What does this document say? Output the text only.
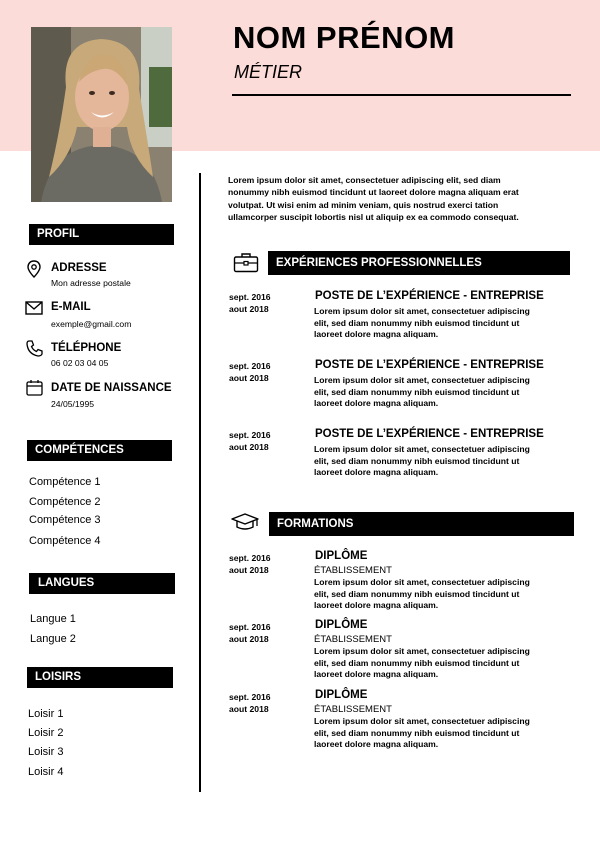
NOM PRÉNOM
MÉTIER
Lorem ipsum dolor sit amet, consectetuer adipiscing elit, sed diam nonummy nibh euismod tincidunt ut laoreet dolore magna aliquam erat volutpat. Ut wisi enim ad minim veniam, quis nostrud exerci tation ullamcorper suscipit lobortis nisl ut aliquip ex ea commodo consequat.
PROFIL
ADRESSE
Mon adresse postale
E-MAIL
exemple@gmail.com
TÉLÉPHONE
06 02 03 04 05
DATE DE NAISSANCE
24/05/1995
COMPÉTENCES
Compétence 1
Compétence 2
Compétence 3
Compétence 4
LANGUES
Langue 1
Langue 2
LOISIRS
Loisir 1
Loisir 2
Loisir 3
Loisir 4
EXPÉRIENCES PROFESSIONNELLES
sept. 2016
aout 2018
POSTE DE L’EXPÉRIENCE - ENTREPRISE
Lorem ipsum dolor sit amet, consectetuer adipiscing elit, sed diam nonummy nibh euismod tincidunt ut laoreet dolore magna aliquam.
sept. 2016
aout 2018
POSTE DE L’EXPÉRIENCE - ENTREPRISE
Lorem ipsum dolor sit amet, consectetuer adipiscing elit, sed diam nonummy nibh euismod tincidunt ut laoreet dolore magna aliquam.
sept. 2016
aout 2018
POSTE DE L’EXPÉRIENCE - ENTREPRISE
Lorem ipsum dolor sit amet, consectetuer adipiscing elit, sed diam nonummy nibh euismod tincidunt ut laoreet dolore magna aliquam.
FORMATIONS
sept. 2016
aout 2018
DIPLÔME
ÉTABLISSEMENT
Lorem ipsum dolor sit amet, consectetuer adipiscing elit, sed diam nonummy nibh euismod tincidunt ut laoreet dolore magna aliquam.
sept. 2016
aout 2018
DIPLÔME
ÉTABLISSEMENT
Lorem ipsum dolor sit amet, consectetuer adipiscing elit, sed diam nonummy nibh euismod tincidunt ut laoreet dolore magna aliquam.
sept. 2016
aout 2018
DIPLÔME
ÉTABLISSEMENT
Lorem ipsum dolor sit amet, consectetuer adipiscing elit, sed diam nonummy nibh euismod tincidunt ut laoreet dolore magna aliquam.
